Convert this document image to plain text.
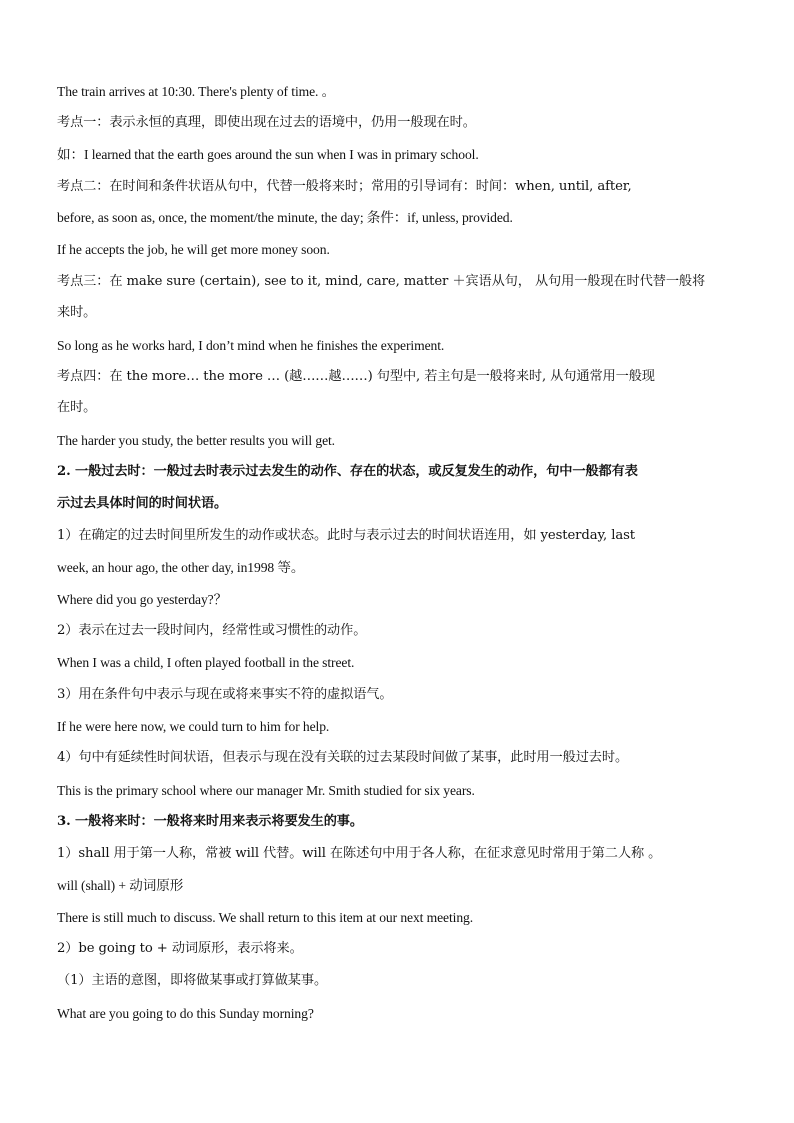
The train arrives at 10:30. There's plenty of time. 。
考点一：表示永恒的真理，即使出现在过去的语境中，仍用一般现在时。
如：I learned that the earth goes around the sun when I was in primary school.
考点二：在时间和条件状语从句中，代替一般将来时；常用的引导词有：时间：when, until, after,
before, as soon as, once, the moment/the minute, the day; 条件：if, unless, provided.
If he accepts the job, he will get more money soon.
考点三：在 make sure (certain), see to it, mind, care, matter ＋宾语从句， 从句用一般现在时代替一般将
来时。
So long as he works hard, I don’t mind when he finishes the experiment.
考点四：在 the more… the more … (越……越……) 句型中, 若主句是一般将来时, 从句通常用一般现
在时。
The harder you study, the better results you will get.
2. 一般过去时：一般过去时表示过去发生的动作、存在的状态，或反复发生的动作，句中一般都有表
示过去具体时间的时间状语。
1）在确定的过去时间里所发生的动作或状态。此时与表示过去的时间状语连用，如 yesterday, last
week, an hour ago, the other day, in1998 等。
Where did you go yesterday?？
2）表示在过去一段时间内，经常性或习惯性的动作。
When I was a child, I often played football in the street.
3）用在条件句中表示与现在或将来事实不符的虚拟语气。
If he were here now, we could turn to him for help.
4）句中有延续性时间状语，但表示与现在没有关联的过去某段时间做了某事，此时用一般过去时。
This is the primary school where our manager Mr. Smith studied for six years.
3. 一般将来时：一般将来时用来表示将要发生的事。
1）shall 用于第一人称，常被 will 代替。will 在陈述句中用于各人称，在征求意见时常用于第二人称 。
will (shall) + 动词原形
There is still much to discuss. We shall return to this item at our next meeting.
2）be going to + 动词原形，表示将来。
（1）主语的意图，即将做某事或打算做某事。
What are you going to do this Sunday morning?
